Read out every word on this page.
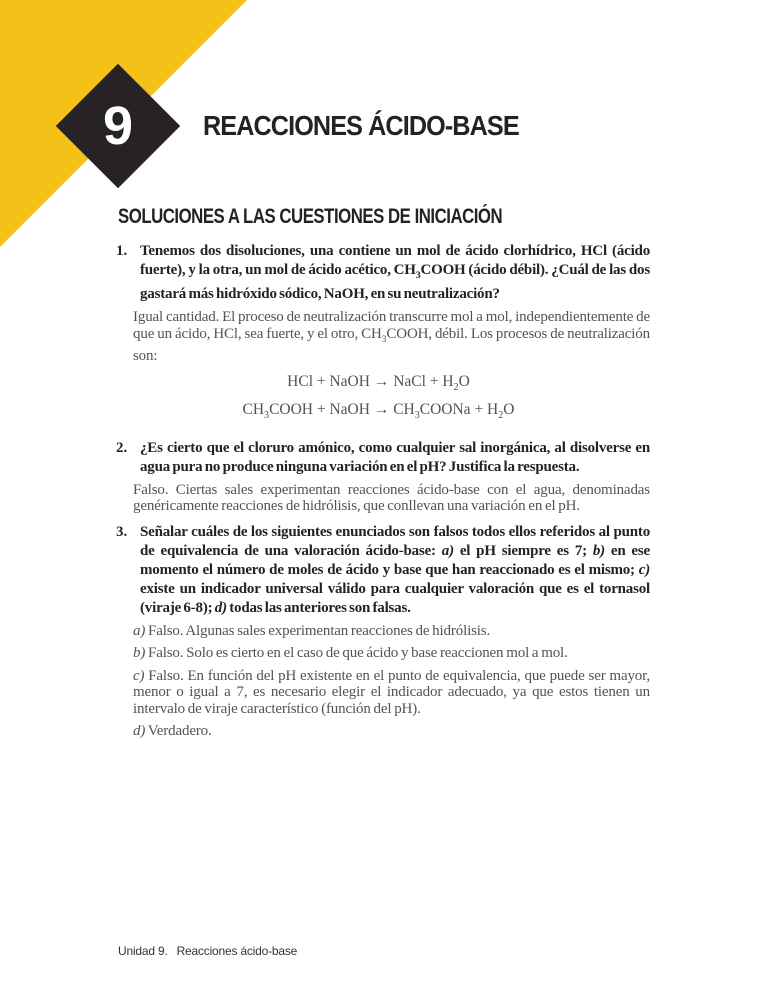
9 REACCIONES ÁCIDO-BASE
SOLUCIONES A LAS CUESTIONES DE INICIACIÓN
1. Tenemos dos disoluciones, una contiene un mol de ácido clorhídrico, HCl (ácido fuerte), y la otra, un mol de ácido acético, $CH_3COOH$ (ácido débil). ¿Cuál de las dos gastará más hidróxido sódico, NaOH, en su neutralización?

Igual cantidad. El proceso de neutralización transcurre mol a mol, independientemente de que un ácido, HCl, sea fuerte, y el otro, $CH_3COOH$, débil. Los procesos de neutralización son:

HCl + NaOH → NaCl + $H_2O$

$CH_3COOH$ + NaOH → $CH_3COONa + H_2O$

2. ¿Es cierto que el cloruro amónico, como cualquier sal inorgánica, al disolverse en agua pura no produce ninguna variación en el pH? Justifica la respuesta.

Falso. Ciertas sales experimentan reacciones ácido-base con el agua, denominadas genéricamente reacciones de hidrólisis, que conllevan una variación en el pH.

3. Señalar cuáles de los siguientes enunciados son falsos todos ellos referidos al punto de equivalencia de una valoración ácido-base: a) el pH siempre es 7; b) en ese momento el número de moles de ácido y base que han reaccionado es el mismo; c) existe un indicador universal válido para cualquier valoración que es el tornasol (viraje 6-8); d) todas las anteriores son falsas.

a) Falso. Algunas sales experimentan reacciones de hidrólisis.

b) Falso. Solo es cierto en el caso de que ácido y base reaccionen mol a mol.

c) Falso. En función del pH existente en el punto de equivalencia, que puede ser mayor, menor o igual a 7, es necesario elegir el indicador adecuado, ya que estos tienen un intervalo de viraje característico (función del pH).

d) Verdadero.

Unidad 9. Reacciones ácido-base
